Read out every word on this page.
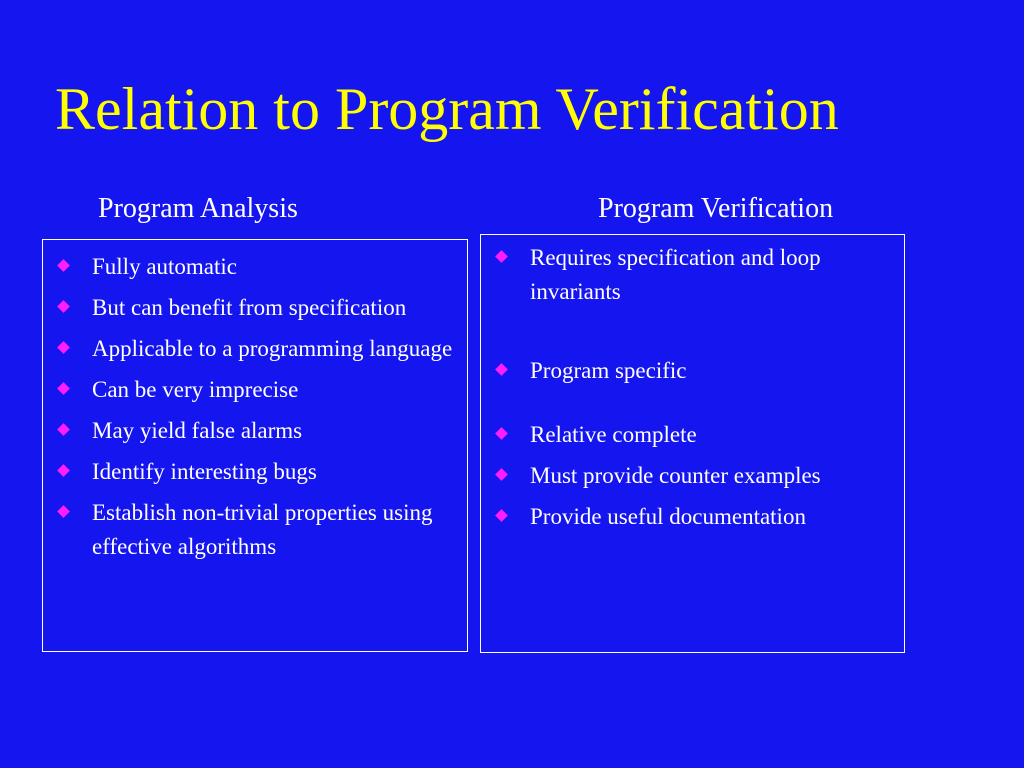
Relation to Program Verification
Program Analysis	Program Verification
Fully automatic
But can benefit from specification
Applicable to a programming language
Can be very imprecise
May yield false alarms
Identify interesting bugs
Establish non-trivial properties using effective algorithms
Requires specification and loop invariants
Program specific
Relative complete
Must provide counter examples
Provide useful documentation
